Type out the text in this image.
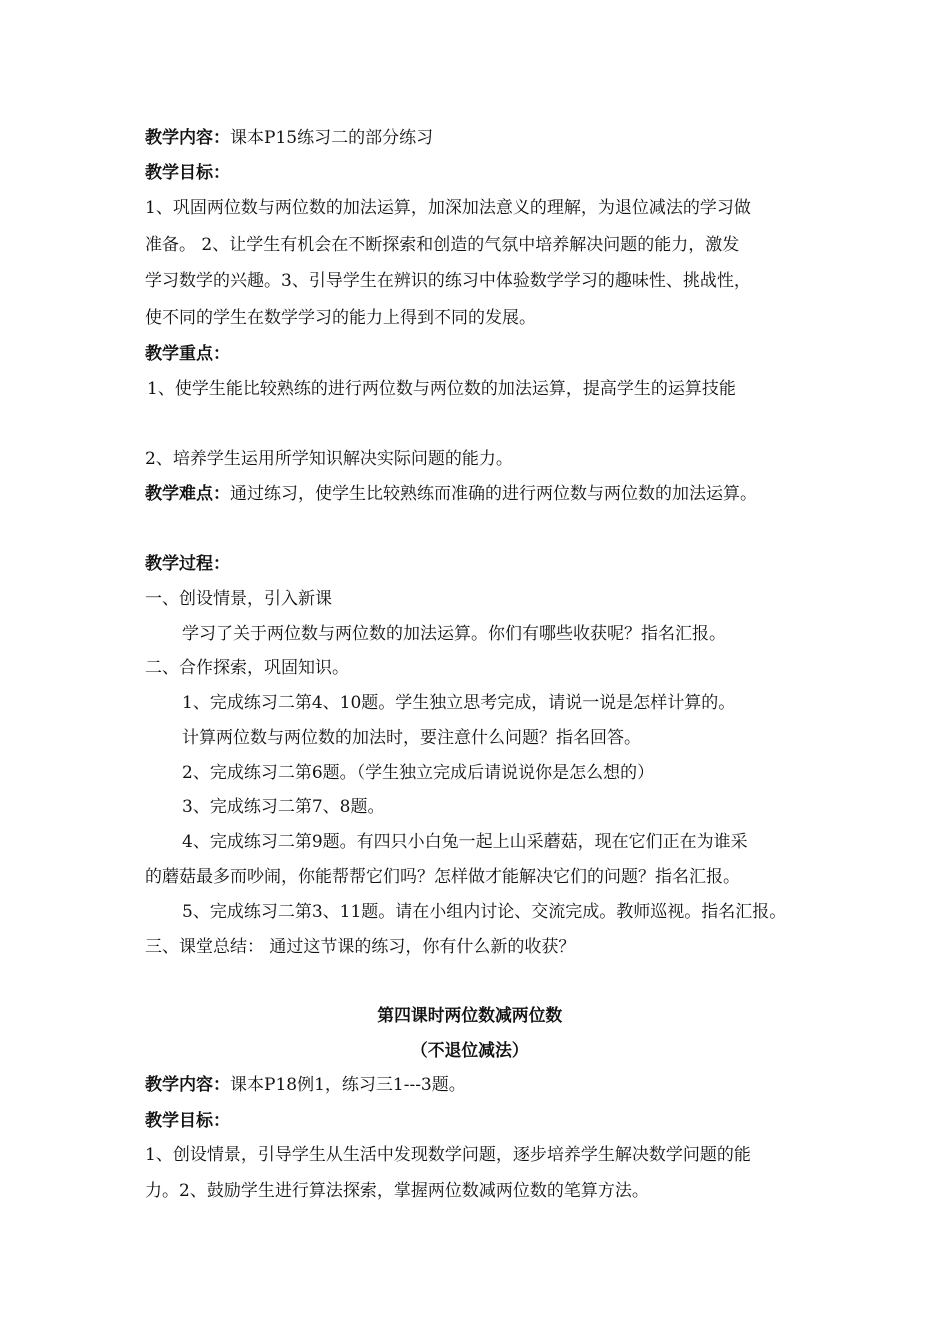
教学内容：课本P15练习二的部分练习
教学目标：
1、巩固两位数与两位数的加法运算，加深加法意义的理解，为退位减法的学习做
准备。 2、让学生有机会在不断探索和创造的气氛中培养解决问题的能力，激发
学习数学的兴趣。3、引导学生在辨识的练习中体验数学学习的趣味性、挑战性，
使不同的学生在数学学习的能力上得到不同的发展。
教学重点：
1、使学生能比较熟练的进行两位数与两位数的加法运算，提高学生的运算技能
2、培养学生运用所学知识解决实际问题的能力。
教学难点：通过练习，使学生比较熟练而准确的进行两位数与两位数的加法运算。
教学过程：
一、创设情景，引入新课
学习了关于两位数与两位数的加法运算。你们有哪些收获呢？指名汇报。
二、合作探索，巩固知识。
1、完成练习二第4、10题。学生独立思考完成，请说一说是怎样计算的。
计算两位数与两位数的加法时，要注意什么问题？指名回答。
2、完成练习二第6题。（学生独立完成后请说说你是怎么想的）
3、完成练习二第7、8题。
4、完成练习二第9题。有四只小白兔一起上山采蘑菇，现在它们正在为谁采
的蘑菇最多而吵闹，你能帮帮它们吗？怎样做才能解决它们的问题？指名汇报。
5、完成练习二第3、11题。请在小组内讨论、交流完成。教师巡视。指名汇报。
三、课堂总结： 通过这节课的练习，你有什么新的收获？
第四课时两位数减两位数
（不退位减法）
教学内容：课本P18例1，练习三1---3题。
教学目标：
1、创设情景，引导学生从生活中发现数学问题，逐步培养学生解决数学问题的能
力。2、鼓励学生进行算法探索，掌握两位数减两位数的笔算方法。
